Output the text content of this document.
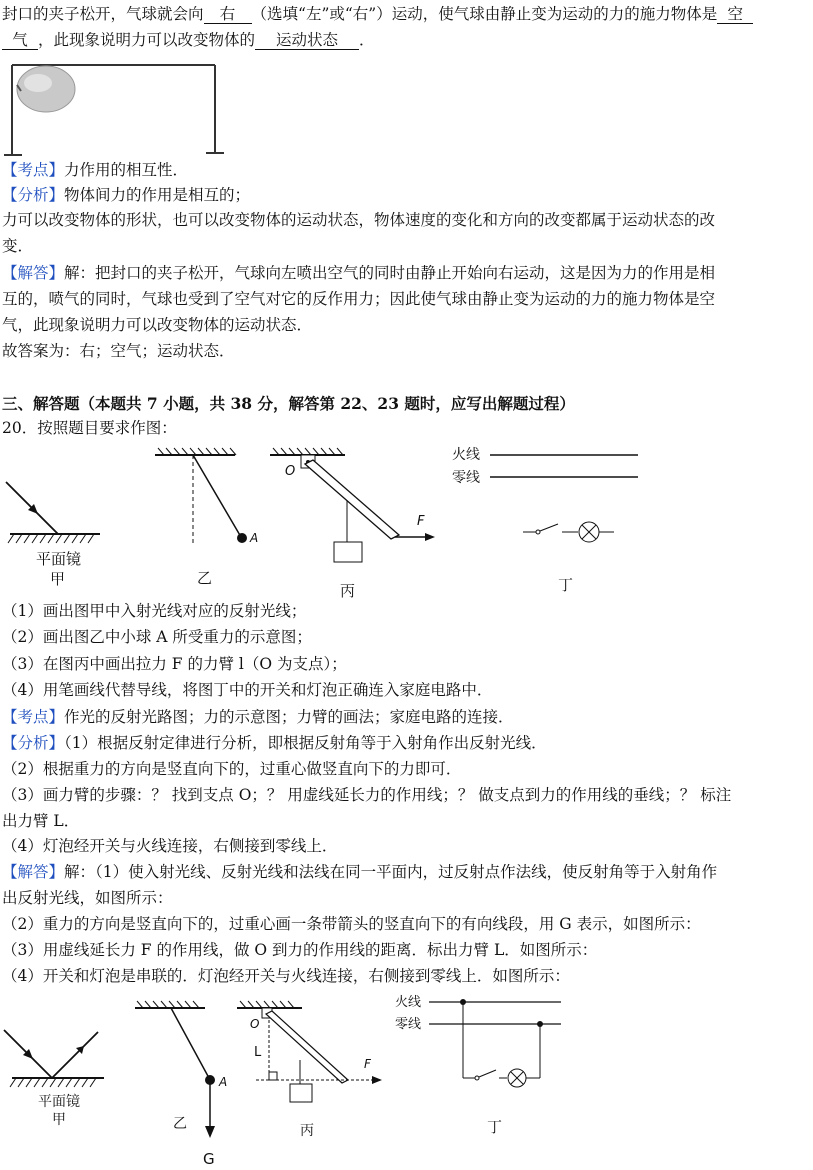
封口的夹子松开，气球就会向 右 （选填“左”或“右”）运动，使气球由静止变为运动的力的施力物体是 空
气 ，此现象说明力可以改变物体的 运动状态 ．
【考点】力作用的相互性．
【分析】物体间力的作用是相互的；
力可以改变物体的形状，也可以改变物体的运动状态，物体速度的变化和方向的改变都属于运动状态的改
变．
【解答】解：把封口的夹子松开，气球向左喷出空气的同时由静止开始向右运动，这是因为力的作用是相
互的，喷气的同时，气球也受到了空气对它的反作用力；因此使气球由静止变为运动的力的施力物体是空
气，此现象说明力可以改变物体的运动状态．
故答案为：右；空气；运动状态．
三、解答题（本题共 7 小题，共 38 分，解答第 22、23 题时，应写出解题过程）
20．按照题目要求作图：
平面镜
甲
A
乙
O
F
丙
火线
零线
丁
（1）画出图甲中入射光线对应的反射光线；
（2）画出图乙中小球 A 所受重力的示意图；
（3）在图丙中画出拉力 F 的力臂 l（O 为支点）；
（4）用笔画线代替导线，将图丁中的开关和灯泡正确连入家庭电路中．
【考点】作光的反射光路图；力的示意图；力臂的画法；家庭电路的连接．
【分析】（1）根据反射定律进行分析，即根据反射角等于入射角作出反射光线．
（2）根据重力的方向是竖直向下的，过重心做竖直向下的力即可．
（3）画力臂的步骤：？ 找到支点 O；？ 用虚线延长力的作用线；？ 做支点到力的作用线的垂线；？ 标注
出力臂 L．
（4）灯泡经开关与火线连接，右侧接到零线上．
【解答】解：（1）使入射光线、反射光线和法线在同一平面内，过反射点作法线，使反射角等于入射角作
出反射光线，如图所示：
（2）重力的方向是竖直向下的，过重心画一条带箭头的竖直向下的有向线段，用 G 表示，如图所示：
（3）用虚线延长力 F 的作用线，做 O 到力的作用线的距离．标出力臂 L．如图所示：
（4）开关和灯泡是串联的．灯泡经开关与火线连接，右侧接到零线上．如图所示：
平面镜
甲
A
乙
G
O
L
F
丙
火线
零线
丁
